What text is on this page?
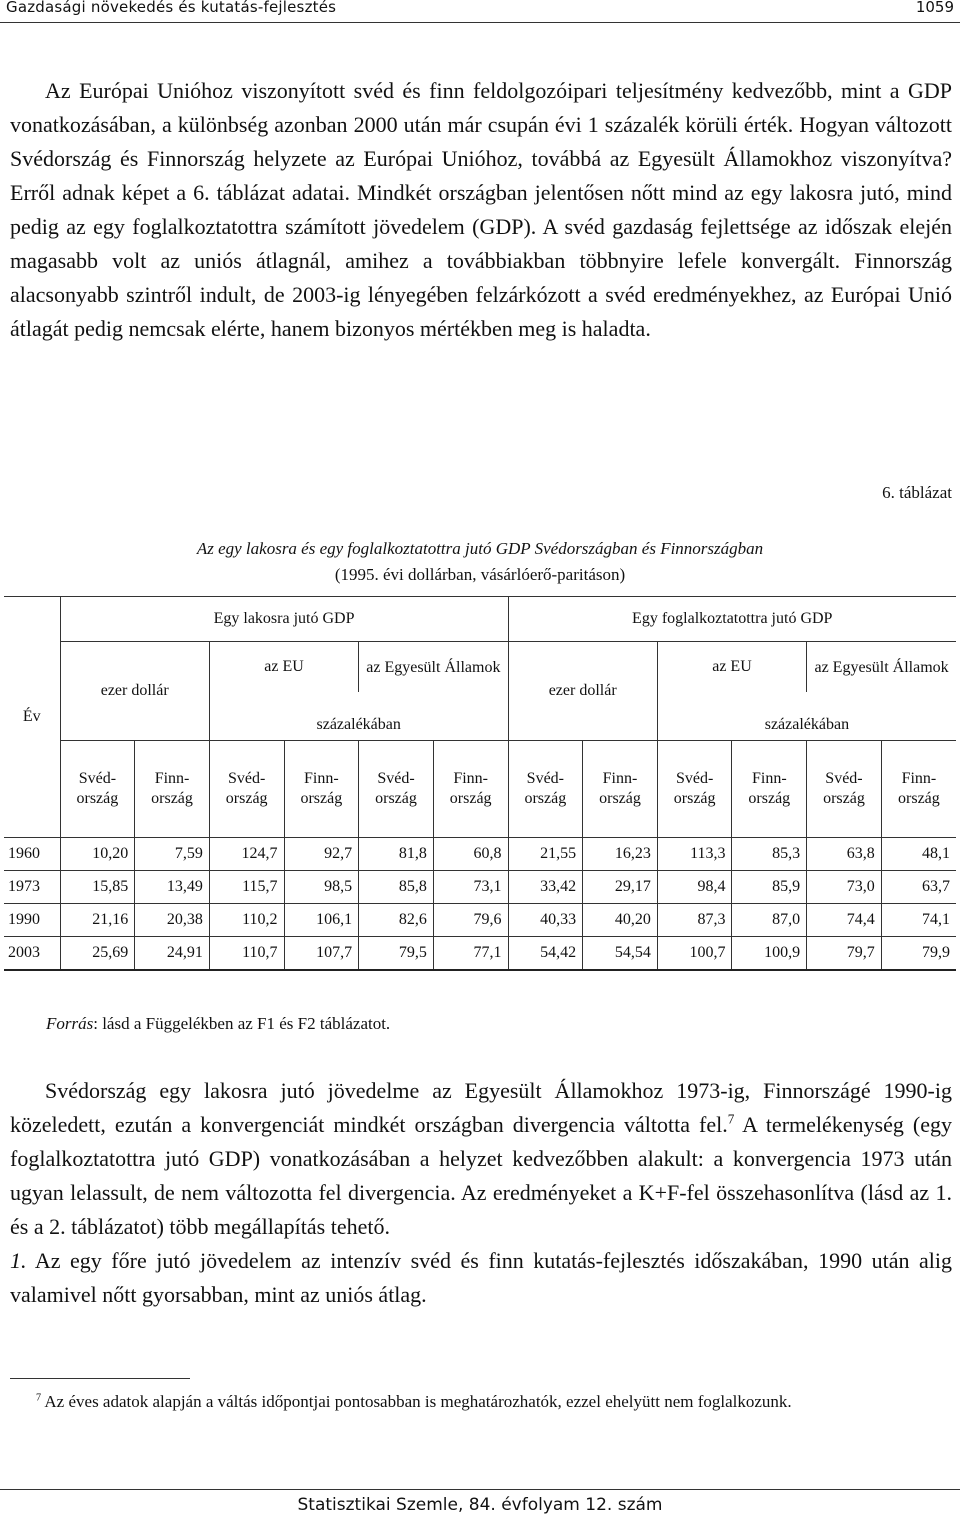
Gazdasági növekedés és kutatás-fejlesztés	1059

Az Európai Unióhoz viszonyított svéd és finn feldolgozóipari teljesítmény kedvezőbb, mint a GDP vonatkozásában, a különbség azonban 2000 után már csupán évi 1 százalék körüli érték. Hogyan változott Svédország és Finnország helyzete az Európai Unióhoz, továbbá az Egyesült Államokhoz viszonyítva? Erről adnak képet a 6. táblázat adatai. Mindkét országban jelentősen nőtt mind az egy lakosra jutó, mind pedig az egy foglalkoztatottra számított jövedelem (GDP). A svéd gazdaság fejlettsége az időszak elején magasabb volt az uniós átlagnál, amihez a továbbiakban többnyire lefele konvergált. Finnország alacsonyabb szintről indult, de 2003-ig lényegében felzárkózott a svéd eredményekhez, az Európai Unió átlagát pedig nemcsak elérte, hanem bizonyos mértékben meg is haladta.

6. táblázat
Az egy lakosra és egy foglalkoztatottra jutó GDP Svédországban és Finnországban
(1995. évi dollárban, vásárlóerő-paritáson)
Év	Egy lakosra jutó GDP						Egy foglalkoztatottra jutó GDP					
	ezer dollár		az EU		az Egyesült Államok		ezer dollár		az EU		az Egyesült Államok	
			százalékában						százalékában			
	Svéd-ország	Finn-ország	Svéd-ország	Finn-ország	Svéd-ország	Finn-ország	Svéd-ország	Finn-ország	Svéd-ország	Finn-ország	Svéd-ország	Finn-ország
1960	10,20	7,59	124,7	92,7	81,8	60,8	21,55	16,23	113,3	85,3	63,8	48,1
1973	15,85	13,49	115,7	98,5	85,8	73,1	33,42	29,17	98,4	85,9	73,0	63,7
1990	21,16	20,38	110,2	106,1	82,6	79,6	40,33	40,20	87,3	87,0	74,4	74,1
2003	25,69	24,91	110,7	107,7	79,5	77,1	54,42	54,54	100,7	100,9	79,7	79,9
Forrás: lásd a Függelékben az F1 és F2 táblázatot.

Svédország egy lakosra jutó jövedelme az Egyesült Államokhoz 1973-ig, Finnországé 1990-ig közeledett, ezután a konvergenciát mindkét országban divergencia váltotta fel.$^7$ A termelékenység (egy foglalkoztatottra jutó GDP) vonatkozásában a helyzet kedvezőbben alakult: a konvergencia 1973 után ugyan lelassult, de nem változotta fel divergencia. Az eredményeket a K+F-fel összehasonlítva (lásd az 1. és a 2. táblázatot) több megállapítás tehető.
1. Az egy főre jutó jövedelem az intenzív svéd és finn kutatás-fejlesztés időszakában, 1990 után alig valamivel nőtt gyorsabban, mint az uniós átlag.

$^7$ Az éves adatok alapján a váltás időpontjai pontosabban is meghatározhatók, ezzel ehelyütt nem foglalkozunk.

Statisztikai Szemle, 84. évfolyam 12. szám
